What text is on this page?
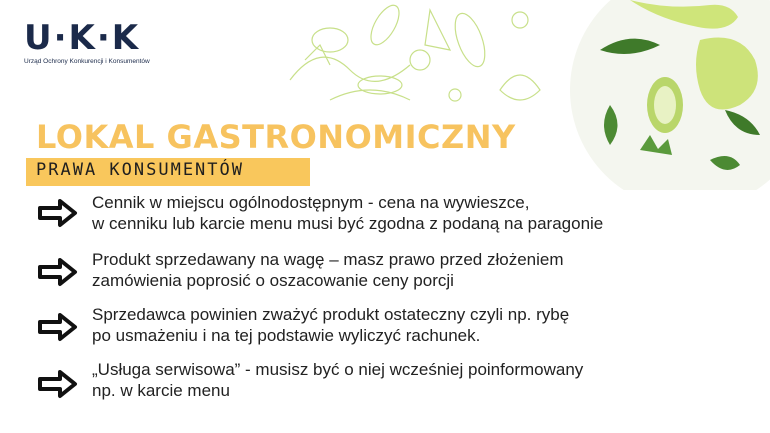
U·K·K
Urząd Ochrony Konkurencji i Konsumentów
LOKAL GASTRONOMICZNY
PRAWA KONSUMENTÓW
Cennik w miejscu ogólnodostępnym - cena na wywieszce,
w cenniku lub karcie menu musi być zgodna z podaną na paragonie
Produkt sprzedawany na wagę – masz prawo przed złożeniem
zamówienia poprosić o oszacowanie ceny porcji
Sprzedawca powinien zważyć produkt ostateczny czyli np. rybę
po usmażeniu i na tej podstawie wyliczyć rachunek.
„Usługa serwisowa” - musisz być o niej wcześniej poinformowany
np. w karcie menu
